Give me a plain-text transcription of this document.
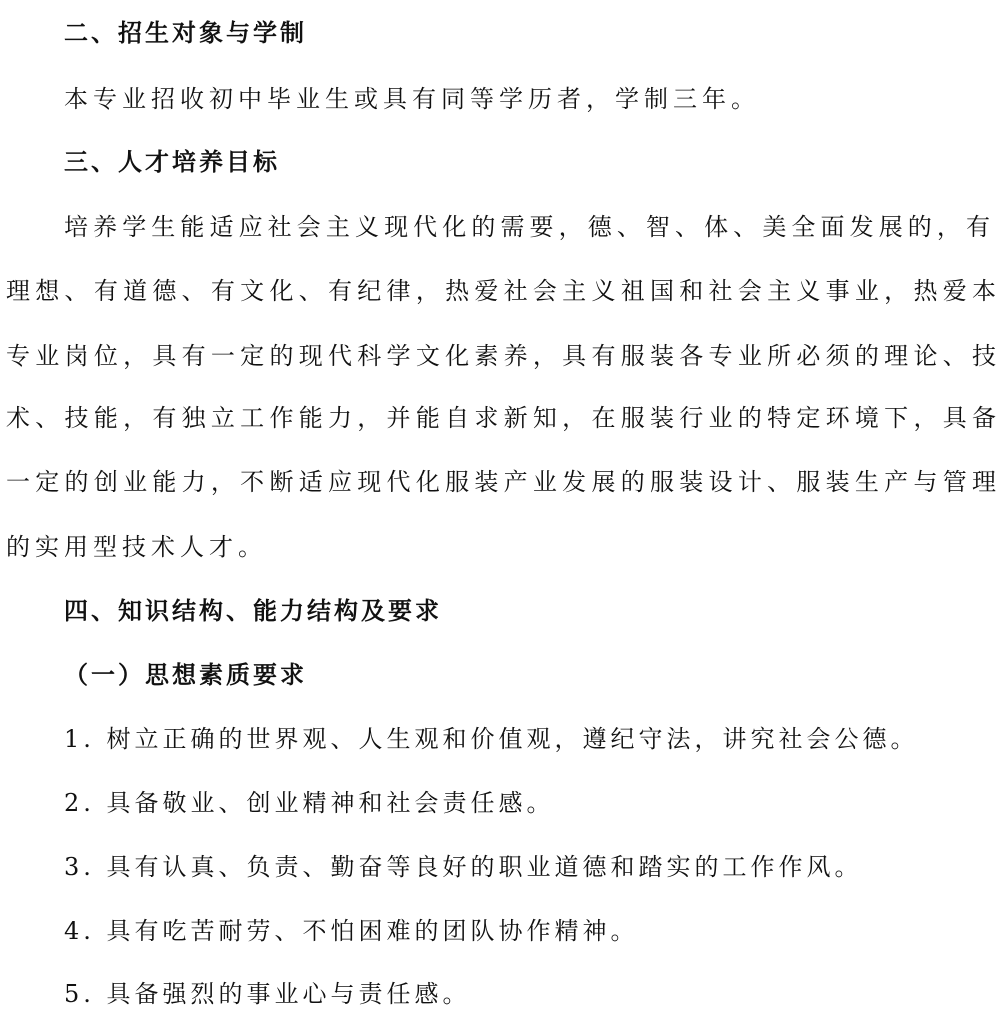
二、招生对象与学制
本专业招收初中毕业生或具有同等学历者，学制三年。
三、人才培养目标
培养学生能适应社会主义现代化的需要，德、智、体、美全面发展的，有
理想、有道德、有文化、有纪律，热爱社会主义祖国和社会主义事业，热爱本
专业岗位，具有一定的现代科学文化素养，具有服装各专业所必须的理论、技
术、技能，有独立工作能力，并能自求新知，在服装行业的特定环境下，具备
一定的创业能力，不断适应现代化服装产业发展的服装设计、服装生产与管理
的实用型技术人才。
四、知识结构、能力结构及要求
（一）思想素质要求
1. 树立正确的世界观、人生观和价值观，遵纪守法，讲究社会公德。
2. 具备敬业、创业精神和社会责任感。
3. 具有认真、负责、勤奋等良好的职业道德和踏实的工作作风。
4. 具有吃苦耐劳、不怕困难的团队协作精神。
5. 具备强烈的事业心与责任感。
